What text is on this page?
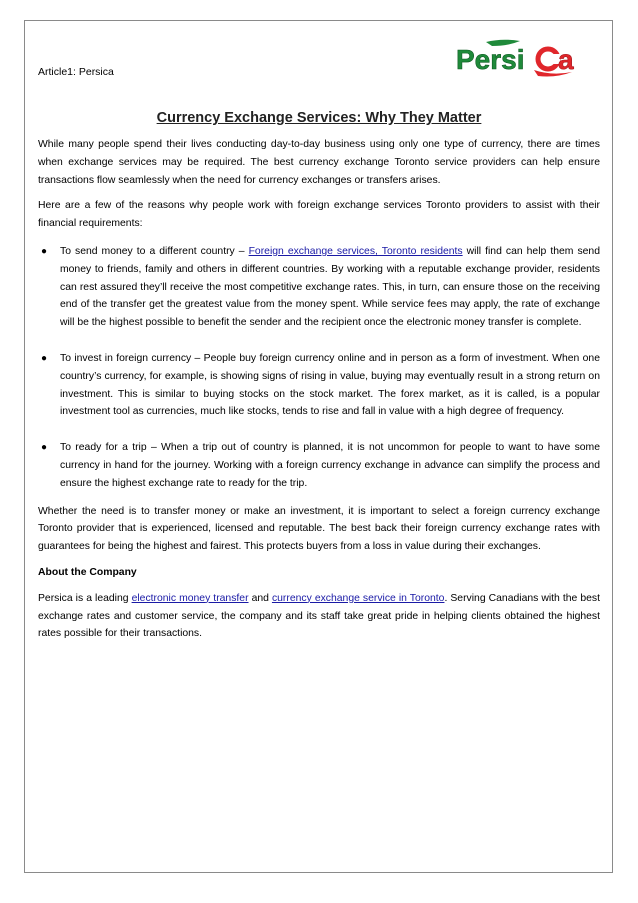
Article1: Persica	Persi a
Currency Exchange Services: Why They Matter

While many people spend their lives conducting day-to-day business using only one type of currency, there are times when exchange services may be required. The best currency exchange Toronto service providers can help ensure transactions flow seamlessly when the need for currency exchanges or transfers arises.

Here are a few of the reasons why people work with foreign exchange services Toronto providers to assist with their financial requirements:

● To send money to a different country – Foreign exchange services, Toronto residents will find can help them send money to friends, family and others in different countries. By working with a reputable exchange provider, residents can rest assured they’ll receive the most competitive exchange rates. This, in turn, can ensure those on the receiving end of the transfer get the greatest value from the money spent. While service fees may apply, the rate of exchange will be the highest possible to benefit the sender and the recipient once the electronic money transfer is complete.
● To invest in foreign currency – People buy foreign currency online and in person as a form of investment. When one country’s currency, for example, is showing signs of rising in value, buying may eventually result in a strong return on investment. This is similar to buying stocks on the stock market. The forex market, as it is called, is a popular investment tool as currencies, much like stocks, tends to rise and fall in value with a high degree of frequency.
● To ready for a trip – When a trip out of country is planned, it is not uncommon for people to want to have some currency in hand for the journey. Working with a foreign currency exchange in advance can simplify the process and ensure the highest exchange rate to ready for the trip.

Whether the need is to transfer money or make an investment, it is important to select a foreign currency exchange Toronto provider that is experienced, licensed and reputable. The best back their foreign currency exchange rates with guarantees for being the highest and fairest. This protects buyers from a loss in value during their exchanges.

About the Company

Persica is a leading electronic money transfer and currency exchange service in Toronto. Serving Canadians with the best exchange rates and customer service, the company and its staff take great pride in helping clients obtained the highest rates possible for their transactions.
